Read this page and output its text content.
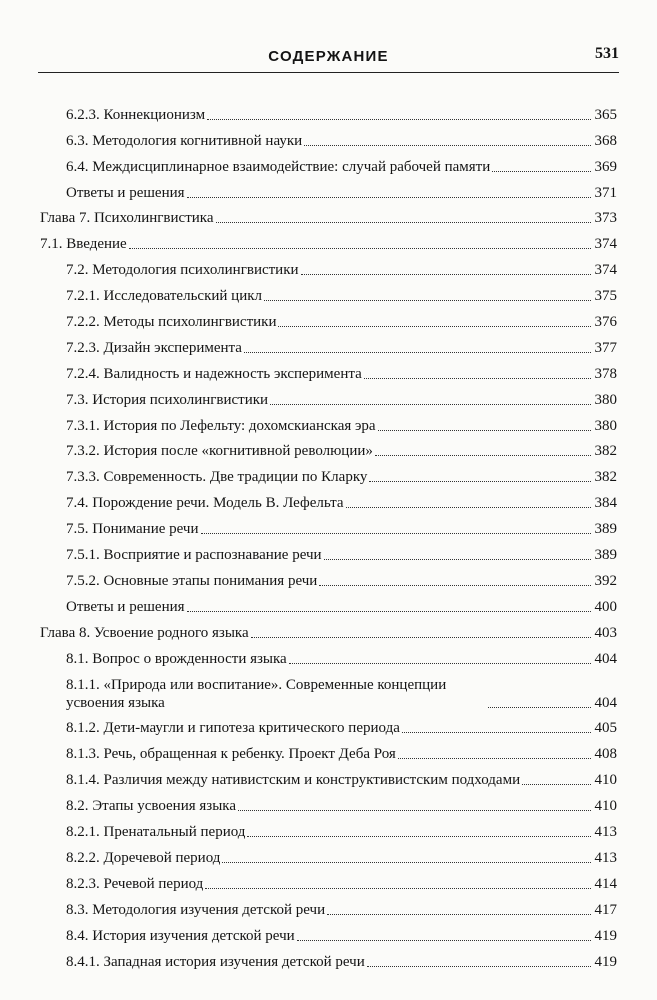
СОДЕРЖАНИЕ	531
6.2.3. Коннекционизм	365
6.3. Методология когнитивной науки	368
6.4. Междисциплинарное взаимодействие: случай рабочей памяти	369
Ответы и решения	371
Глава 7. Психолингвистика	373
7.1. Введение	374
7.2. Методология психолингвистики	374
7.2.1. Исследовательский цикл	375
7.2.2. Методы психолингвистики	376
7.2.3. Дизайн эксперимента	377
7.2.4. Валидность и надежность эксперимента	378
7.3. История психолингвистики	380
7.3.1. История по Лефельту: дохомскианская эра	380
7.3.2. История после «когнитивной революции»	382
7.3.3. Современность. Две традиции по Кларку	382
7.4. Порождение речи. Модель В. Лефельта	384
7.5. Понимание речи	389
7.5.1. Восприятие и распознавание речи	389
7.5.2. Основные этапы понимания речи	392
Ответы и решения	400
Глава 8. Усвоение родного языка	403
8.1. Вопрос о врожденности языка	404
8.1.1. «Природа или воспитание». Современные концепции усвоения языка	404
8.1.2. Дети-маугли и гипотеза критического периода	405
8.1.3. Речь, обращенная к ребенку. Проект Деба Роя	408
8.1.4. Различия между нативистским и конструктивистским подходами	410
8.2. Этапы усвоения языка	410
8.2.1. Пренатальный период	413
8.2.2. Доречевой период	413
8.2.3. Речевой период	414
8.3. Методология изучения детской речи	417
8.4. История изучения детской речи	419
8.4.1. Западная история изучения детской речи	419
